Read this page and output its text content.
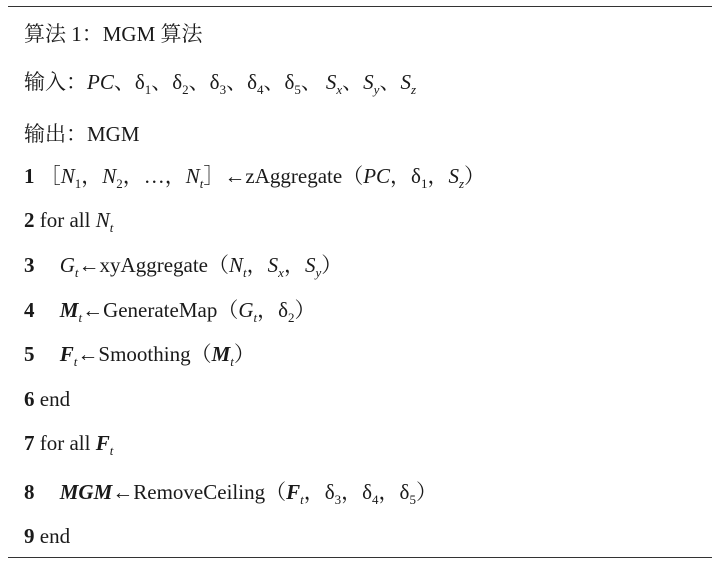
算法 1：MGM 算法
输入：PC、$\delta_1$、$\delta_2$、$\delta_3$、$\delta_4$、$\delta_5$、 $S_x$、$S_y$、$S_z$
输出：MGM
1 $[N_1$，$N_2$，…，$N_t]\leftarrow zAggregate(PC$，$\delta_1$，$S_z$）
2 for all $N_t$
3 $G_t\leftarrow xyAggregate(N_t$，$S_x$，$S_y$）
4 $M_t\leftarrow GenerateMap(G_t$，$\delta_2$）
5 $F_t\leftarrow Smoothing(M_t)$
6 end
7 for all $F_t$
8 $MGM\leftarrow RemoveCeiling(F_t$，$\delta_3$，$\delta_4$，$\delta_5$）
9 end
